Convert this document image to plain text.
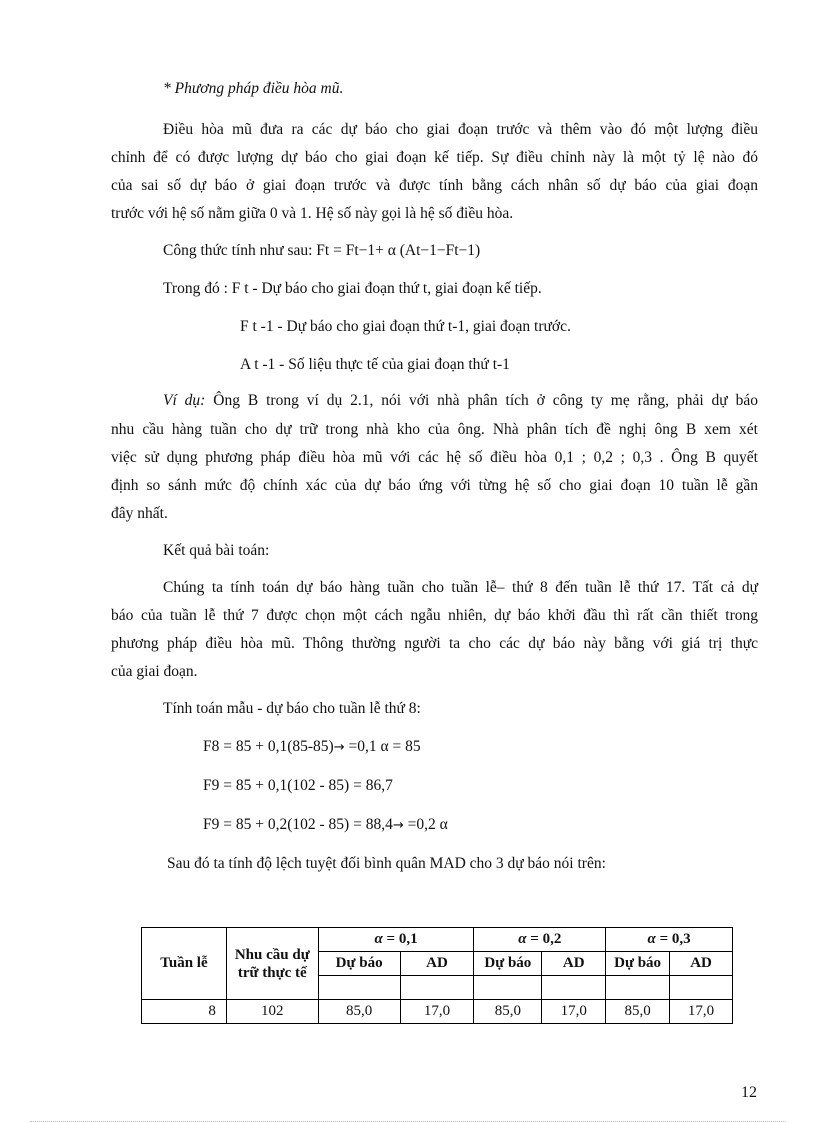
* Phương pháp điều hòa mũ.
Điều hòa mũ đưa ra các dự báo cho giai đoạn trước và thêm vào đó một lượng điều
chỉnh để có được lượng dự báo cho giai đoạn kế tiếp. Sự điều chỉnh này là một tỷ lệ nào đó
của sai số dự báo ở giai đoạn trước và được tính bằng cách nhân số dự báo của giai đoạn
trước với hệ số nằm giữa 0 và 1. Hệ số này gọi là hệ số điều hòa.
Công thức tính như sau: Ft = Ft−1+ α (At−1−Ft−1)
Trong đó : F t - Dự báo cho giai đoạn thứ t, giai đoạn kế tiếp.
F t -1 - Dự báo cho giai đoạn thứ t-1, giai đoạn trước.
A t -1 - Số liệu thực tế của giai đoạn thứ t-1
Ví dụ: Ông B trong ví dụ 2.1, nói với nhà phân tích ở công ty mẹ rằng, phải dự báo
nhu cầu hàng tuần cho dự trữ trong nhà kho của ông. Nhà phân tích đề nghị ông B xem xét
việc sử dụng phương pháp điều hòa mũ với các hệ số điều hòa 0,1 ; 0,2 ; 0,3 . Ông B quyết
định so sánh mức độ chính xác của dự báo ứng với từng hệ số cho giai đoạn 10 tuần lễ gần
đây nhất.
Kết quả bài toán:
Chúng ta tính toán dự báo hàng tuần cho tuần lễ– thứ 8 đến tuần lễ thứ 17. Tất cả dự
báo của tuần lễ thứ 7 được chọn một cách ngẫu nhiên, dự báo khởi đầu thì rất cần thiết trong
phương pháp điều hòa mũ. Thông thường người ta cho các dự báo này bằng với giá trị thực
của giai đoạn.
Tính toán mẫu - dự báo cho tuần lễ thứ 8:
F8 = 85 + 0,1(85-85)→ =0,1 α = 85
F9 = 85 + 0,1(102 - 85) = 86,7
F9 = 85 + 0,2(102 - 85) = 88,4→ =0,2 α
Sau đó ta tính độ lệch tuyệt đối bình quân MAD cho 3 dự báo nói trên:
Tuần lễ	Nhu cầu dự trữ thực tế	α = 0,1		α = 0,2		α = 0,3	
		Dự báo	AD	Dự báo	AD	Dự báo	AD

8	102	85,0	17,0	85,0	17,0	85,0	17,0
12
